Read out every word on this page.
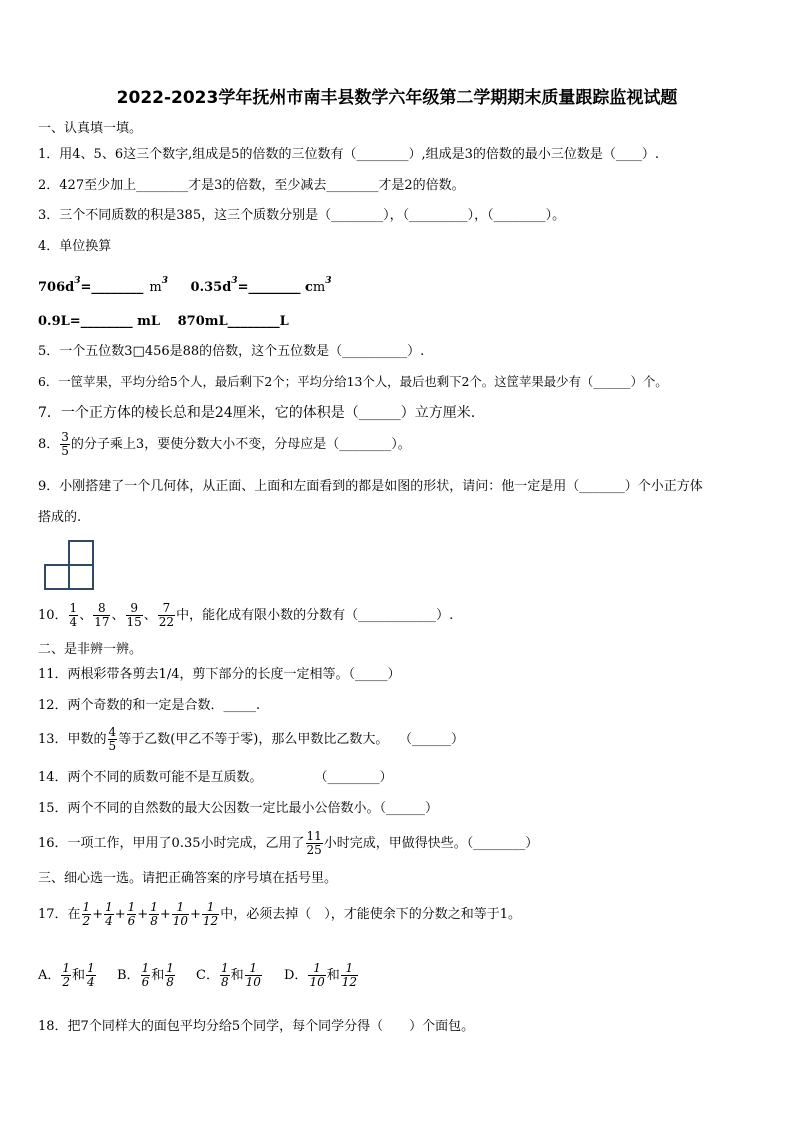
2022-2023学年抚州市南丰县数学六年级第二学期期末质量跟踪监视试题
一、认真填一填。
1．用4、5、6这三个数字,组成是5的倍数的三位数有（________）,组成是3的倍数的最小三位数是（____）.
2．427至少加上________才是3的倍数，至少减去________才是2的倍数。
3．三个不同质数的积是385，这三个质数分别是（________），（_________），（________）。
4．单位换算
$706d^3=\_\_\_\_\_\_\_\_$ $m^3$ $0.35d^3=\_\_\_\_\_\_\_\_$ $cm^3$
0.9L=________ mL　 870mL________L
5．一个五位数3□456是88的倍数，这个五位数是（__________）.
6．一筐苹果，平均分给5个人，最后剩下2个；平均分给13个人，最后也剩下2个。这筐苹果最少有（______）个。
7．一个正方体的棱长总和是24厘米，它的体积是（______）立方厘米.
8． $\frac{3}{5}$ 的分子乘上3，要使分数大小不变，分母应是（________）。
9．小刚搭建了一个几何体，从正面、上面和左面看到的都是如图的形状，请问：他一定是用（_______）个小正方体
搭成的.
10． $\frac{1}{4}$ 、 $\frac{8}{17}$ 、 $\frac{9}{15}$ 、 $\frac{7}{22}$ 中，能化成有限小数的分数有（____________）.
二、是非辨一辨。
11．两根彩带各剪去1/4，剪下部分的长度一定相等。（_____）
12．两个奇数的和一定是合数．_____.
13．甲数的 $\frac{4}{5}$ 等于乙数(甲乙不等于零)，那么甲数比乙数大。　 （______）
14．两个不同的质数可能不是互质数。　　　　　（________）
15．两个不同的自然数的最大公因数一定比最小公倍数小。（______）
16．一项工作，甲用了0.35小时完成，乙用了 $\frac{11}{25}$ 小时完成，甲做得快些。（________）
三、细心选一选。请把正确答案的序号填在括号里。
17．在 $\frac{1}{2} + \frac{1}{4} + \frac{1}{6} + \frac{1}{8} + \frac{1}{10} + \frac{1}{12}$ 中，必须去掉（　），才能使余下的分数之和等于1。
A． $\frac{1}{2}$ 和 $\frac{1}{4}$ B． $\frac{1}{6}$ 和 $\frac{1}{8}$ C． $\frac{1}{8}$ 和 $\frac{1}{10}$ D． $\frac{1}{10}$ 和 $\frac{1}{12}$
18．把7个同样大的面包平均分给5个同学，每个同学分得（　　）个面包。
